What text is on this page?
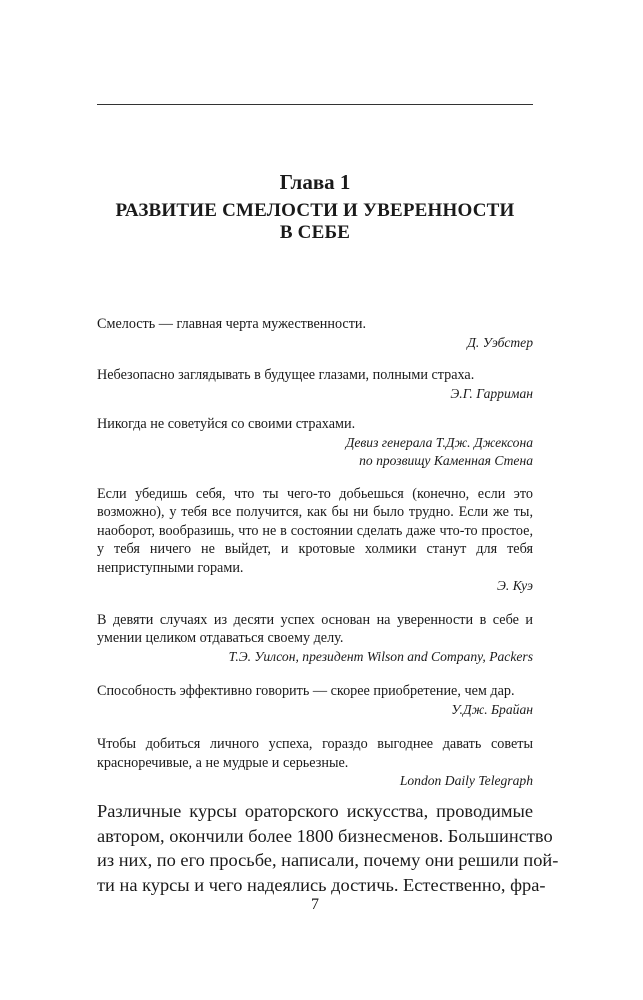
Глава 1
РАЗВИТИЕ СМЕЛОСТИ И УВЕРЕННОСТИ
В СЕБЕ

Смелость — главная черта мужественности.

Д. Уэбстер

Небезопасно заглядывать в будущее глазами, полными страха.

Э.Г. Гарриман

Никогда не советуйся со своими страхами.

Девиз генерала Т.Дж. Джексона

по прозвищу Каменная Стена

Если убедишь себя, что ты чего-то добьешься (конечно, если это возможно), у тебя все получится, как бы ни было трудно. Если же ты, наоборот, вообразишь, что не в состоянии сделать даже что-то простое, у тебя ничего не выйдет, и кротовые холмики станут для тебя неприступными горами.

Э. Куэ

В девяти случаях из десяти успех основан на уверенности в себе и умении целиком отдаваться своему делу.

Т.Э. Уилсон, президент Wilson and Company, Packers

Способность эффективно говорить — скорее приобретение, чем дар.

У.Дж. Брайан

Чтобы добиться личного успеха, гораздо выгоднее давать советы красноречивые, а не мудрые и серьезные.

London Daily Telegraph

Различные курсы ораторского искусства, проводимые
автором, окончили более 1800 бизнесменов. Большинство
из них, по его просьбе, написали, почему они решили пой-
ти на курсы и чего надеялись достичь. Естественно, фра-
7
